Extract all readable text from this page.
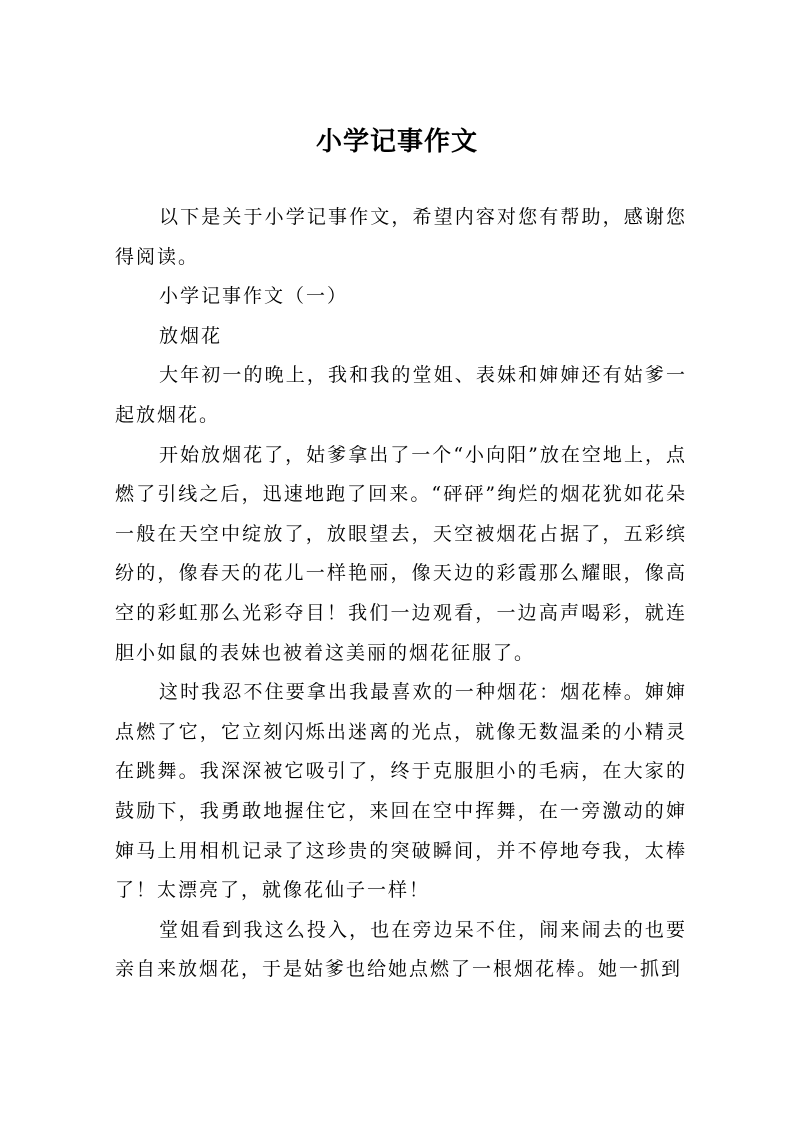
小学记事作文

以下是关于小学记事作文，希望内容对您有帮助，感谢您得阅读。

小学记事作文（一）

放烟花

大年初一的晚上，我和我的堂姐、表妹和婶婶还有姑爹一起放烟花。

开始放烟花了，姑爹拿出了一个“小向阳”放在空地上，点燃了引线之后，迅速地跑了回来。“砰砰”绚烂的烟花犹如花朵一般在天空中绽放了，放眼望去，天空被烟花占据了，五彩缤纷的，像春天的花儿一样艳丽，像天边的彩霞那么耀眼，像高空的彩虹那么光彩夺目！我们一边观看，一边高声喝彩，就连胆小如鼠的表妹也被着这美丽的烟花征服了。

这时我忍不住要拿出我最喜欢的一种烟花：烟花棒。婶婶点燃了它，它立刻闪烁出迷离的光点，就像无数温柔的小精灵在跳舞。我深深被它吸引了，终于克服胆小的毛病，在大家的鼓励下，我勇敢地握住它，来回在空中挥舞，在一旁激动的婶婶马上用相机记录了这珍贵的突破瞬间，并不停地夸我，太棒了！太漂亮了，就像花仙子一样！

堂姐看到我这么投入，也在旁边呆不住，闹来闹去的也要亲自来放烟花，于是姑爹也给她点燃了一根烟花棒。她一抓到
